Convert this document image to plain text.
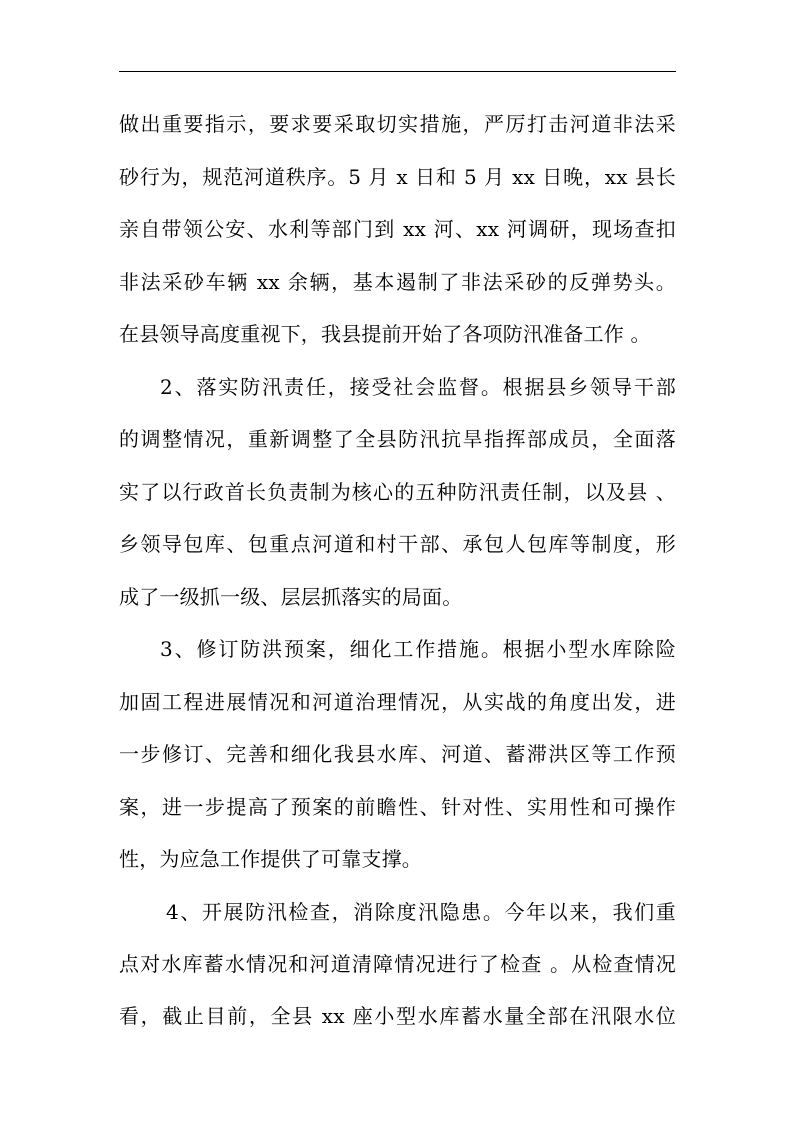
做出重要指示，要求要采取切实措施，严厉打击河道非法采
砂行为，规范河道秩序。5 月 x 日和 5 月 xx 日晚，xx 县长
亲自带领公安、水利等部门到 xx 河、xx 河调研，现场查扣
非法采砂车辆 xx 余辆，基本遏制了非法采砂的反弹势头。
在县领导高度重视下，我县提前开始了各项防汛准备工作 。
2、落实防汛责任，接受社会监督。根据县乡领导干部
的调整情况，重新调整了全县防汛抗旱指挥部成员，全面落
实了以行政首长负责制为核心的五种防汛责任制，以及县 、
乡领导包库、包重点河道和村干部、承包人包库等制度，形
成了一级抓一级、层层抓落实的局面。
3、修订防洪预案，细化工作措施。根据小型水库除险
加固工程进展情况和河道治理情况，从实战的角度出发，进
一步修订、完善和细化我县水库、河道、蓄滞洪区等工作预
案，进一步提高了预案的前瞻性、针对性、实用性和可操作
性，为应急工作提供了可靠支撑。
4、开展防汛检查，消除度汛隐患。今年以来，我们重
点对水库蓄水情况和河道清障情况进行了检查 。从检查情况
看，截止目前，全县 xx 座小型水库蓄水量全部在汛限水位
